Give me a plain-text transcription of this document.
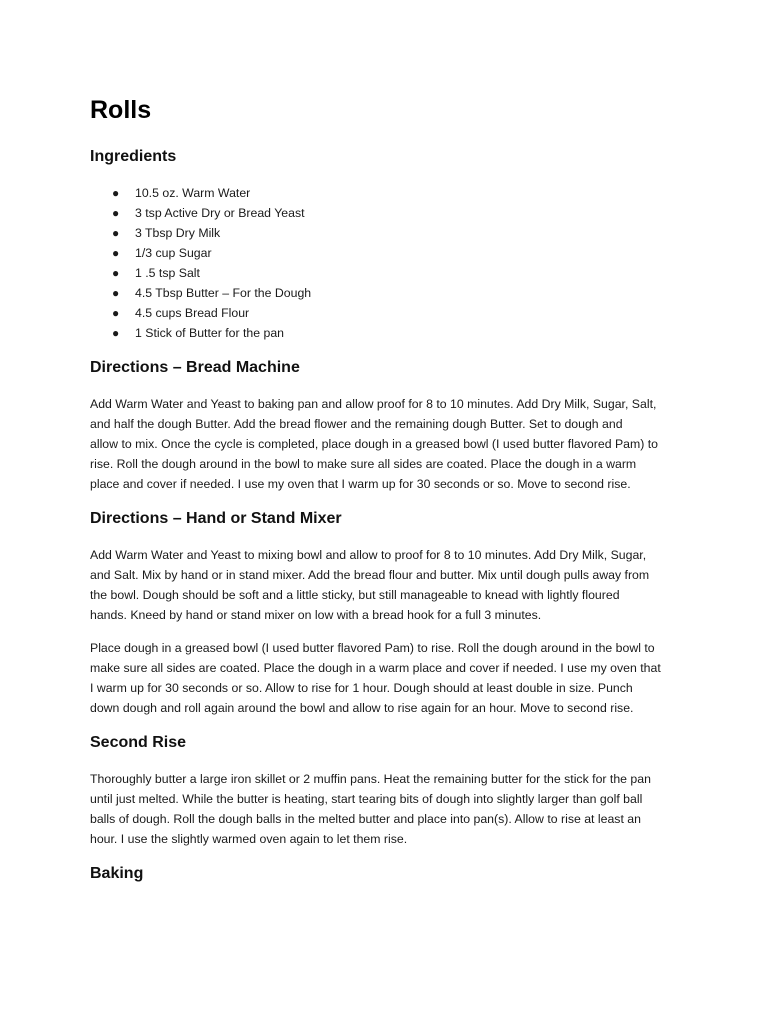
Rolls
Ingredients
● 10.5 oz. Warm Water
● 3 tsp Active Dry or Bread Yeast
● 3 Tbsp Dry Milk
● 1/3 cup Sugar
● 1 .5 tsp Salt
● 4.5 Tbsp Butter – For the Dough
● 4.5 cups Bread Flour
● 1 Stick of Butter for the pan
Directions – Bread Machine

Add Warm Water and Yeast to baking pan and allow proof for 8 to 10 minutes. Add Dry Milk, Sugar, Salt,
and half the dough Butter. Add the bread flower and the remaining dough Butter. Set to dough and
allow to mix. Once the cycle is completed, place dough in a greased bowl (I used butter flavored Pam) to
rise. Roll the dough around in the bowl to make sure all sides are coated. Place the dough in a warm
place and cover if needed. I use my oven that I warm up for 30 seconds or so. Move to second rise.

Directions – Hand or Stand Mixer

Add Warm Water and Yeast to mixing bowl and allow to proof for 8 to 10 minutes. Add Dry Milk, Sugar,
and Salt. Mix by hand or in stand mixer. Add the bread flour and butter. Mix until dough pulls away from
the bowl. Dough should be soft and a little sticky, but still manageable to knead with lightly floured
hands. Kneed by hand or stand mixer on low with a bread hook for a full 3 minutes.

Place dough in a greased bowl (I used butter flavored Pam) to rise. Roll the dough around in the bowl to
make sure all sides are coated. Place the dough in a warm place and cover if needed. I use my oven that
I warm up for 30 seconds or so. Allow to rise for 1 hour. Dough should at least double in size. Punch
down dough and roll again around the bowl and allow to rise again for an hour. Move to second rise.

Second Rise

Thoroughly butter a large iron skillet or 2 muffin pans. Heat the remaining butter for the stick for the pan
until just melted. While the butter is heating, start tearing bits of dough into slightly larger than golf ball
balls of dough. Roll the dough balls in the melted butter and place into pan(s). Allow to rise at least an
hour. I use the slightly warmed oven again to let them rise.

Baking
